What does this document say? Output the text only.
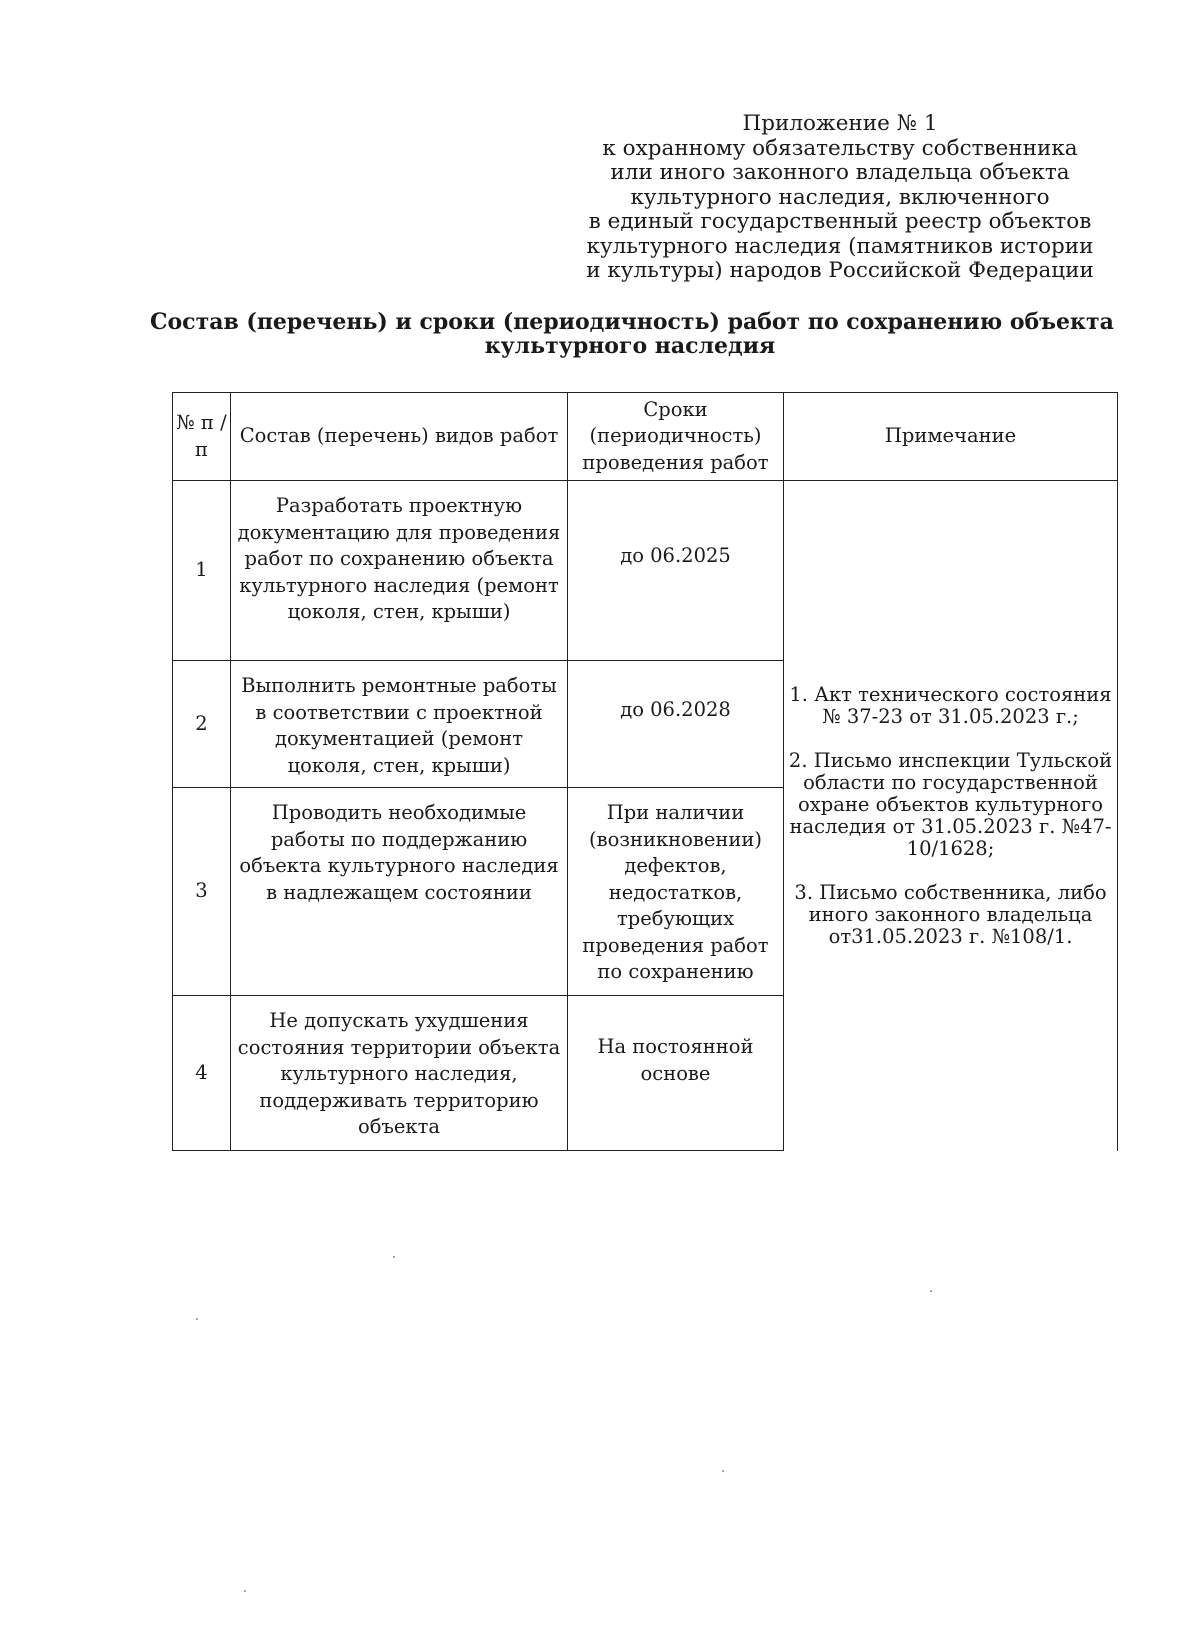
Приложение № 1
к охранному обязательству собственника
или иного законного владельца объекта
культурного наследия, включенного
в единый государственный реестр объектов
культурного наследия (памятников истории
и культуры) народов Российской Федерации
Состав (перечень) и сроки (периодичность) работ по сохранению объекта
культурного наследия
№ п /п	Состав (перечень) видов работ	Сроки (периодичность) проведения работ	Примечание
1	Разработать проектную документацию для проведения работ по сохранению объекта культурного наследия (ремонт цоколя, стен, крыши)	до 06.2025	1. Акт технического состояния № 37-23 от 31.05.2023 г.;
2. Письмо инспекции Тульской области по государственной охране объектов культурного наследия от 31.05.2023 г. №47-10/1628;
3. Письмо собственника, либо иного законного владельца от31.05.2023 г. №108/1.

2	Выполнить ремонтные работы в соответствии с проектной документацией (ремонт цоколя, стен, крыши)	до 06.2028	
3	Проводить необходимые работы по поддержанию объекта культурного наследия в надлежащем состоянии	При наличии (возникновении) дефектов, недостатков, требующих проведения работ по сохранению	
4	Не допускать ухудшения состояния территории объекта культурного наследия, поддерживать территорию объекта	На постоянной основе	
